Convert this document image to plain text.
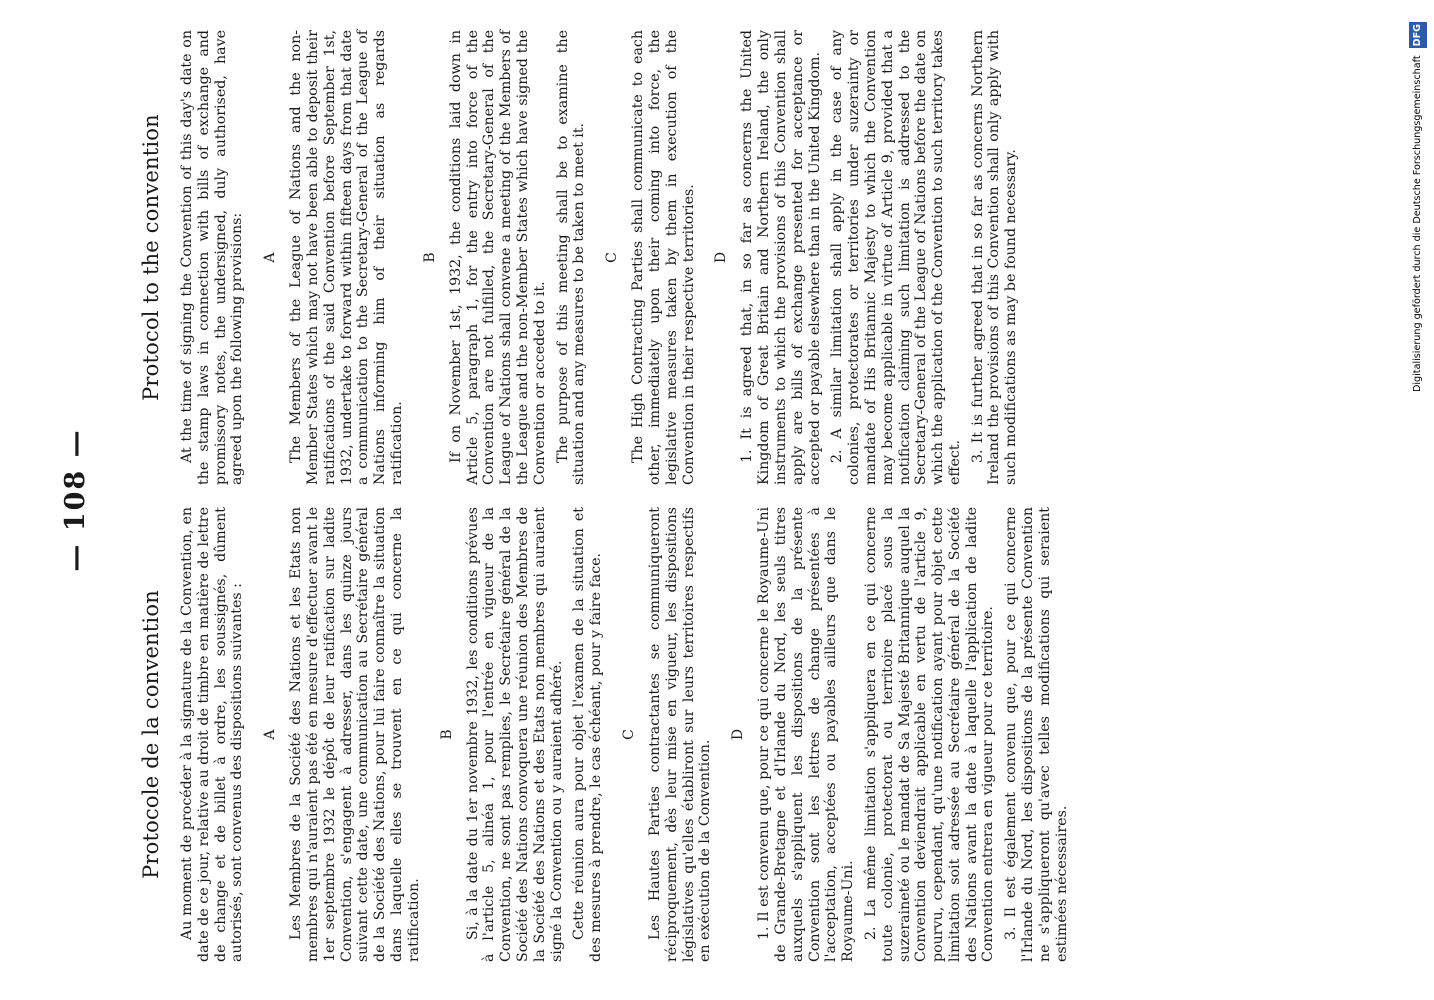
— 108 —
Protocole de la convention Au moment de procéder à la signature de la Convention, en date de ce jour, relative au droit de timbre en matière de lettre de change et de billet à ordre, les soussignés, dûment autorisés, sont convenus des dispositions suivantes : A Les Membres de la Société des Nations et les Etats non membres qui n'auraient pas été en mesure d'effectuer avant le 1er septembre 1932 le dépôt de leur ratification sur ladite Convention, s'engagent à adresser, dans les quinze jours suivant cette date, une communication au Secrétaire général de la Société des Nations, pour lui faire connaître la situation dans laquelle elles se trouvent en ce qui concerne la ratification.

B Si, à la date du 1er novembre 1932, les conditions prévues à l'article 5, alinéa 1, pour l'entrée en vigueur de la Convention, ne sont pas remplies, le Secrétaire général de la Société des Nations convoquera une réunion des Membres de la Société des Nations et des Etats non membres qui auraient signé la Convention ou y auraient adhéré. Cette réunion aura pour objet l'examen de la situation et des mesures à prendre, le cas échéant, pour y faire face. C Les Hautes Parties contractantes se communiqueront réciproquement, dès leur mise en vigueur, les dispositions législatives qu'elles établiront sur leurs territoires respectifs en exécution de la Convention.

D 1. Il est convenu que, pour ce qui concerne le Royaume-Uni de Grande-Bretagne et d'Irlande du Nord, les seuls titres auxquels s'appliquent les dispositions de la présente Convention sont les lettres de change présentées à l'acceptation, acceptées ou payables ailleurs que dans le Royaume-Uni. 2. La même limitation s'appliquera en ce qui concerne toute colonie, protectorat ou territoire placé sous la suzeraineté ou le mandat de Sa Majesté Britannique auquel la Convention deviendrait applicable en vertu de l'article 9, pourvu, cependant, qu'une notification ayant pour objet cette limitation soit adressée au Secrétaire général de la Société des Nations avant la date à laquelle l'application de ladite Convention entrera en vigueur pour ce territoire. 3. Il est également convenu que, pour ce qui concerne l'Irlande du Nord, les dispositions de la présente Convention ne s'appliqueront qu'avec telles modifications qui seraient estimées nécessaires.

Protocol to the convention At the time of signing the Convention of this day's date on the stamp laws in connection with bills of exchange and promissory notes, the undersigned, duly authorised, have agreed upon the following provisions: A The Members of the League of Nations and the non-Member States which may not have been able to deposit their ratifications of the said Convention before September 1st, 1932, undertake to forward within fifteen days from that date a communication to the Secretary-General of the League of Nations informing him of their situation as regards ratification.

B If on November 1st, 1932, the conditions laid down in Article 5, paragraph 1, for the entry into force of the Convention are not fulfilled, the Secretary-General of the League of Nations shall convene a meeting of the Members of the League and the non-Member States which have signed the Convention or acceded to it. The purpose of this meeting shall be to examine the situation and any measures to be taken to meet it. C The High Contracting Parties shall communicate to each other, immediately upon their coming into force, the legislative measures taken by them in execution of the Convention in their respective territories. D 1. It is agreed that, in so far as concerns the United Kingdom of Great Britain and Northern Ireland, the only instruments to which the provisions of this Convention shall apply are bills of exchange presented for acceptance or accepted or payable elsewhere than in the United Kingdom. 2. A similar limitation shall apply in the case of any colonies, protectorates or territories under suzerainty or mandate of His Britannic Majesty to which the Convention may become applicable in virtue of Article 9, provided that a notification claiming such limitation is addressed to the Secretary-General of the League of Nations before the date on which the application of the Convention to such territory takes effect. 3. It is further agreed that in so far as concerns Northern Ireland the provisions of this Convention shall only apply with such modifications as may be found necessary.	Digitalisierung gefördert durch die Deutsche Forschungsgemeinschaft DFG
